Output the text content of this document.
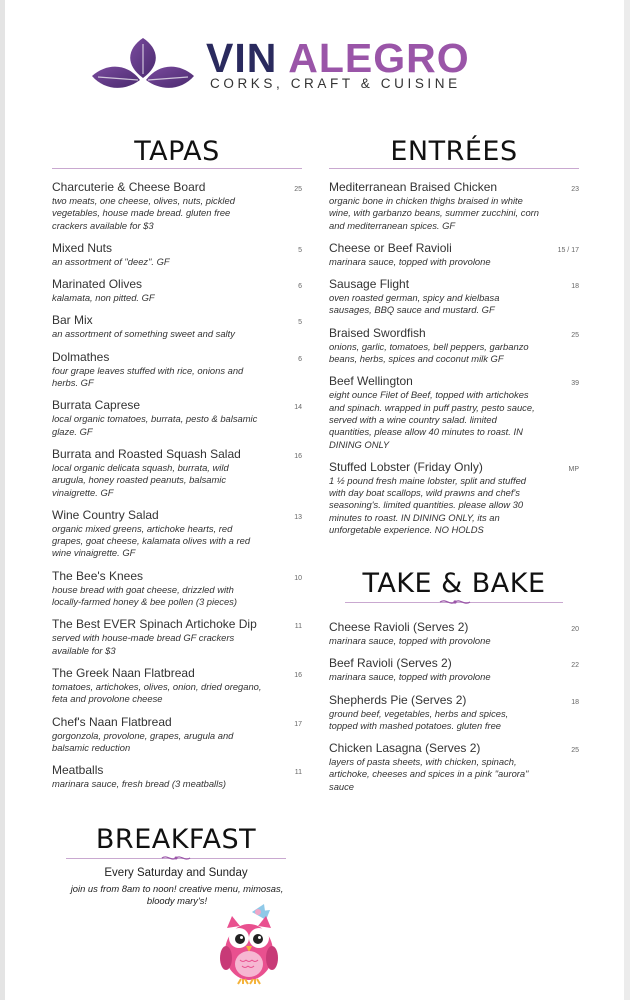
VIN ALEGRO
CORKS, CRAFT & CUISINE
TAPAS
Charcuterie & Cheese Board	25
two meats, one cheese, olives, nuts, pickled vegetables, house made bread. gluten free crackers available for $3
Mixed Nuts	5
an assortment of "deez". GF
Marinated Olives	6
kalamata, non pitted. GF
Bar Mix	5
an assortment of something sweet and salty
Dolmathes	6
four grape leaves stuffed with rice, onions and herbs. GF
Burrata Caprese	14
local organic tomatoes, burrata, pesto & balsamic glaze. GF
Burrata and Roasted Squash Salad	16
local organic delicata squash, burrata, wild arugula, honey roasted peanuts, balsamic vinaigrette. GF
Wine Country Salad	13
organic mixed greens, artichoke hearts, red grapes, goat cheese, kalamata olives with a red wine vinaigrette. GF
The Bee's Knees	10
house bread with goat cheese, drizzled with locally-farmed honey & bee pollen (3 pieces)
The Best EVER Spinach Artichoke Dip	11
served with house-made bread GF crackers available for $3
The Greek Naan Flatbread	16
tomatoes, artichokes, olives, onion, dried oregano, feta and provolone cheese
Chef's Naan Flatbread	17
gorgonzola, provolone, grapes, arugula and balsamic reduction
Meatballs	11
marinara sauce, fresh bread (3 meatballs)
ENTRÉES
Mediterranean Braised Chicken	23
organic bone in chicken thighs braised in white wine, with garbanzo beans, summer zucchini, corn and mediterranean spices. GF
Cheese or Beef Ravioli	15 / 17
marinara sauce, topped with provolone
Sausage Flight	18
oven roasted german, spicy and kielbasa sausages, BBQ sauce and mustard. GF
Braised Swordfish	25
onions, garlic, tomatoes, bell peppers, garbanzo beans, herbs, spices and coconut milk GF
Beef Wellington	39
eight ounce Filet of Beef, topped with artichokes and spinach. wrapped in puff pastry, pesto sauce, served with a wine country salad. limited quantities, please allow 40 minutes to roast. IN DINING ONLY
Stuffed Lobster (Friday Only)	MP
1 ½ pound fresh maine lobster, split and stuffed with day boat scallops, wild prawns and chef's seasoning's. limited quantities. please allow 30 minutes to roast. IN DINING ONLY, its an unforgetable experience. NO HOLDS
TAKE & BAKE
Cheese Ravioli (Serves 2)	20
marinara sauce, topped with provolone
Beef Ravioli (Serves 2)	22
marinara sauce, topped with provolone
Shepherds Pie (Serves 2)	18
ground beef, vegetables, herbs and spices, topped with mashed potatoes. gluten free
Chicken Lasagna (Serves 2)	25
layers of pasta sheets, with chicken, spinach, artichoke, cheeses and spices in a pink "aurora" sauce
BREAKFAST
Every Saturday and Sunday
join us from 8am to noon! creative menu, mimosas, bloody mary's!
